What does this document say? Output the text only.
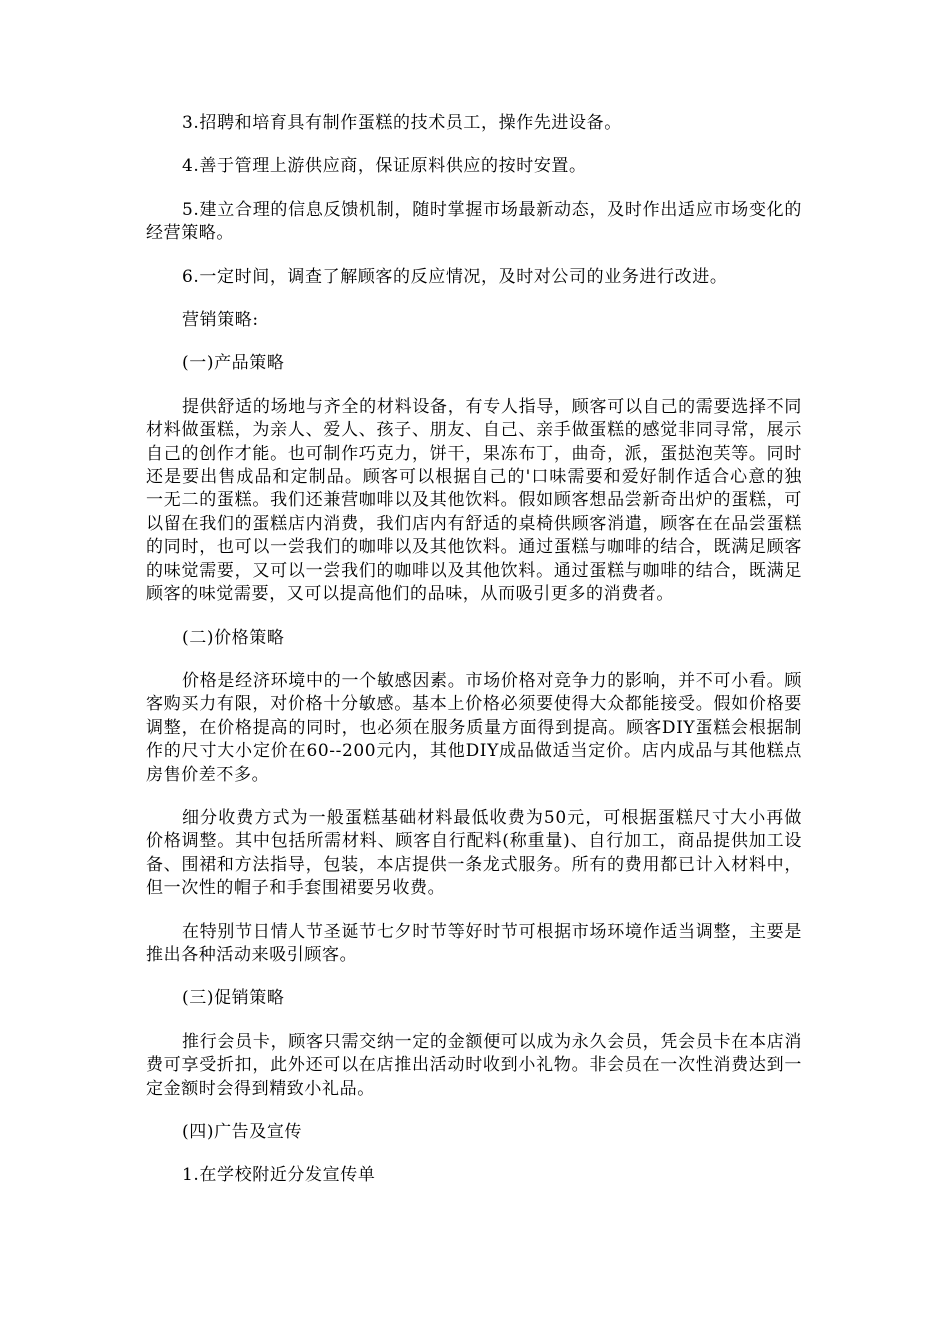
3.招聘和培育具有制作蛋糕的技术员工，操作先进设备。

4.善于管理上游供应商，保证原料供应的按时安置。

5.建立合理的信息反馈机制，随时掌握市场最新动态，及时作出适应市场变化的经营策略。

6.一定时间，调查了解顾客的反应情况，及时对公司的业务进行改进。

营销策略:

(一)产品策略

提供舒适的场地与齐全的材料设备，有专人指导，顾客可以自己的需要选择不同材料做蛋糕，为亲人、爱人、孩子、朋友、自己、亲手做蛋糕的感觉非同寻常，展示自己的创作才能。也可制作巧克力，饼干，果冻布丁，曲奇，派，蛋挞泡芙等。同时还是要出售成品和定制品。顾客可以根据自己的'口味需要和爱好制作适合心意的独一无二的蛋糕。我们还兼营咖啡以及其他饮料。假如顾客想品尝新奇出炉的蛋糕，可以留在我们的蛋糕店内消费，我们店内有舒适的桌椅供顾客消遣，顾客在在品尝蛋糕的同时，也可以一尝我们的咖啡以及其他饮料。通过蛋糕与咖啡的结合，既满足顾客的味觉需要，又可以一尝我们的咖啡以及其他饮料。通过蛋糕与咖啡的结合，既满足顾客的味觉需要，又可以提高他们的品味，从而吸引更多的消费者。

(二)价格策略

价格是经济环境中的一个敏感因素。市场价格对竞争力的影响，并不可小看。顾客购买力有限，对价格十分敏感。基本上价格必须要使得大众都能接受。假如价格要调整，在价格提高的同时，也必须在服务质量方面得到提高。顾客DIY蛋糕会根据制作的尺寸大小定价在60--200元内，其他DIY成品做适当定价。店内成品与其他糕点房售价差不多。

细分收费方式为一般蛋糕基础材料最低收费为50元，可根据蛋糕尺寸大小再做价格调整。其中包括所需材料、顾客自行配料(称重量)、自行加工，商品提供加工设备、围裙和方法指导，包装，本店提供一条龙式服务。所有的费用都已计入材料中，但一次性的帽子和手套围裙要另收费。

在特别节日情人节圣诞节七夕时节等好时节可根据市场环境作适当调整，主要是推出各种活动来吸引顾客。

(三)促销策略

推行会员卡，顾客只需交纳一定的金额便可以成为永久会员，凭会员卡在本店消费可享受折扣，此外还可以在店推出活动时收到小礼物。非会员在一次性消费达到一定金额时会得到精致小礼品。

(四)广告及宣传

1.在学校附近分发宣传单
